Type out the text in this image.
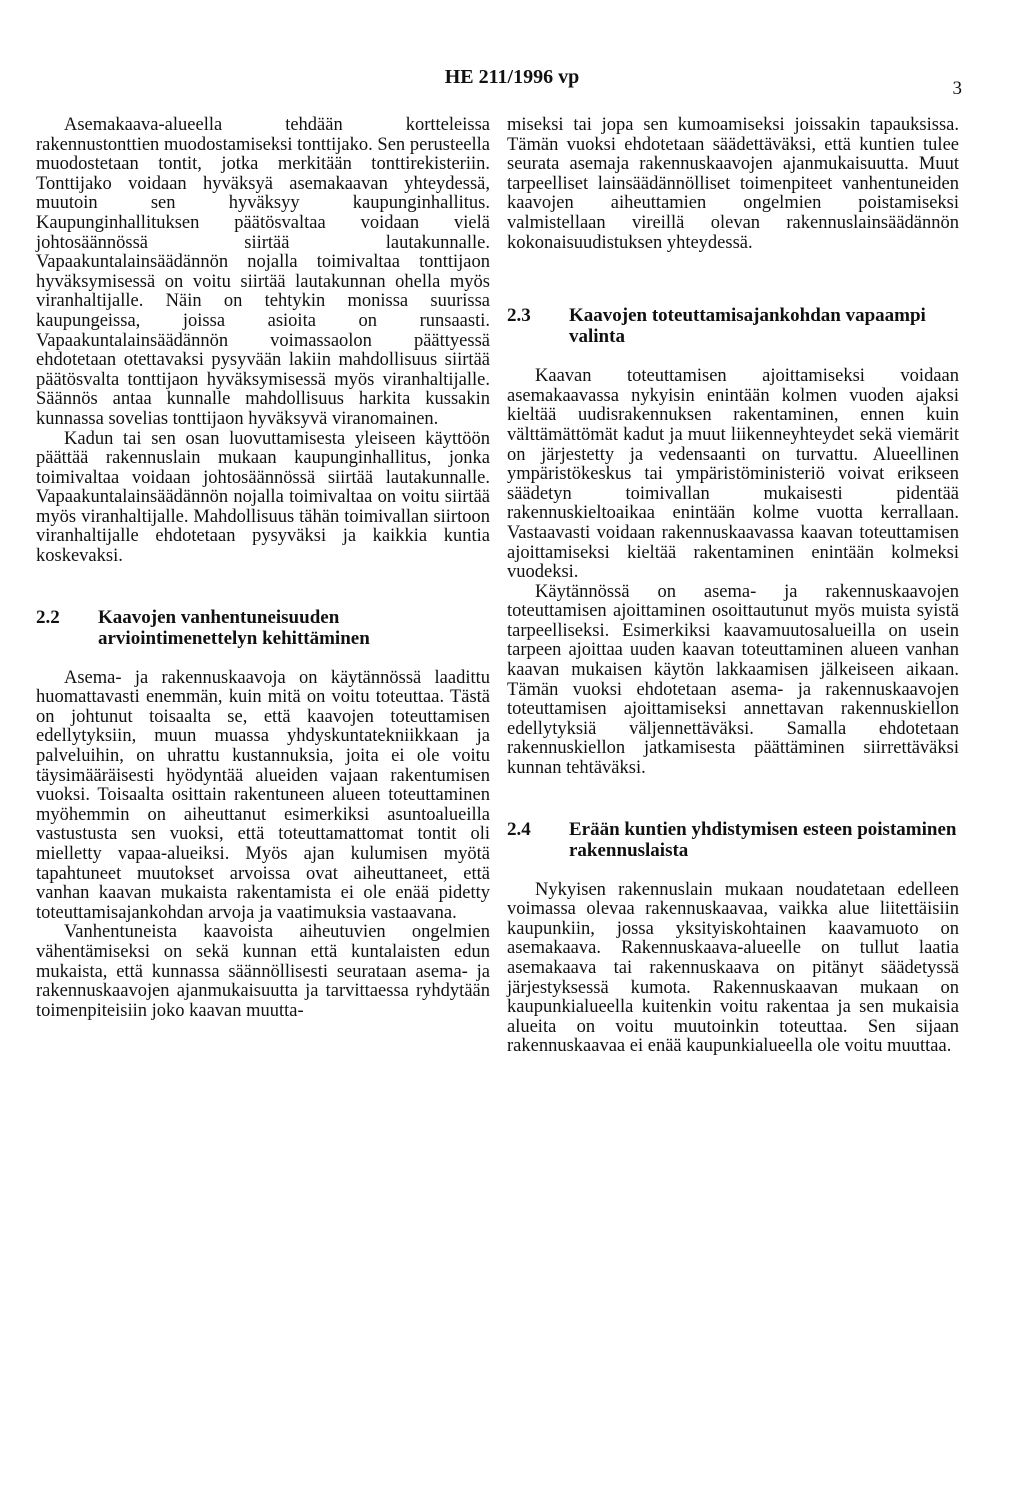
HE 211/1996 vp
3

Asemakaava-alueella tehdään kortteleissa rakennustonttien muodostamiseksi tonttijako. Sen perusteella muodostetaan tontit, jotka merkitään tonttirekisteriin. Tonttijako voidaan hyväksyä asemakaavan yhteydessä, muutoin sen hyväksyy kaupunginhallitus. Kaupunginhallituksen päätösvaltaa voidaan vielä johtosäännössä siirtää lautakunnalle. Vapaakuntalainsäädännön nojalla toimivaltaa tonttijaon hyväksymisessä on voitu siirtää lautakunnan ohella myös viranhaltijalle. Näin on tehtykin monissa suurissa kaupungeissa, joissa asioita on runsaasti. Vapaakuntalainsäädännön voimassaolon päättyessä ehdotetaan otettavaksi pysyvään lakiin mahdollisuus siirtää päätösvalta tonttijaon hyväksymisessä myös viranhaltijalle. Säännös antaa kunnalle mahdollisuus harkita kussakin kunnassa sovelias tonttijaon hyväksyvä viranomainen.

Kadun tai sen osan luovuttamisesta yleiseen käyttöön päättää rakennuslain mukaan kaupunginhallitus, jonka toimivaltaa voidaan johtosäännössä siirtää lautakunnalle. Vapaakuntalainsäädännön nojalla toimivaltaa on voitu siirtää myös viranhaltijalle. Mahdollisuus tähän toimivallan siirtoon viranhaltijalle ehdotetaan pysyväksi ja kaikkia kuntia koskevaksi.

2.2	Kaavojen vanhentuneisuuden arviointimenettelyn kehittäminen

Asema- ja rakennuskaavoja on käytännössä laadittu huomattavasti enemmän, kuin mitä on voitu toteuttaa. Tästä on johtunut toisaalta se, että kaavojen toteuttamisen edellytyksiin, muun muassa yhdyskuntatekniikkaan ja palveluihin, on uhrattu kustannuksia, joita ei ole voitu täysimääräisesti hyödyntää alueiden vajaan rakentumisen vuoksi. Toisaalta osittain rakentuneen alueen toteuttaminen myöhemmin on aiheuttanut esimerkiksi asuntoalueilla vastustusta sen vuoksi, että toteuttamattomat tontit oli mielletty vapaa-alueiksi. Myös ajan kulumisen myötä tapahtuneet muutokset arvoissa ovat aiheuttaneet, että vanhan kaavan mukaista rakentamista ei ole enää pidetty toteuttamisajankohdan arvoja ja vaatimuksia vastaavana.

Vanhentuneista kaavoista aiheutuvien ongelmien vähentämiseksi on sekä kunnan että kuntalaisten edun mukaista, että kunnassa säännöllisesti seurataan asema- ja rakennuskaavojen ajanmukaisuutta ja tarvittaessa ryhdytään toimenpiteisiin joko kaavan muutta-

miseksi tai jopa sen kumoamiseksi joissakin tapauksissa. Tämän vuoksi ehdotetaan säädettäväksi, että kuntien tulee seurata asemaja rakennuskaavojen ajanmukaisuutta. Muut tarpeelliset lainsäädännölliset toimenpiteet vanhentuneiden kaavojen aiheuttamien ongelmien poistamiseksi valmistellaan vireillä olevan rakennuslainsäädännön kokonaisuudistuksen yhteydessä.

2.3	Kaavojen toteuttamisajankohdan vapaampi valinta

Kaavan toteuttamisen ajoittamiseksi voidaan asemakaavassa nykyisin enintään kolmen vuoden ajaksi kieltää uudisrakennuksen rakentaminen, ennen kuin välttämättömät kadut ja muut liikenneyhteydet sekä viemärit on järjestetty ja vedensaanti on turvattu. Alueellinen ympäristökeskus tai ympäristöministeriö voivat erikseen säädetyn toimivallan mukaisesti pidentää rakennuskieltoaikaa enintään kolme vuotta kerrallaan. Vastaavasti voidaan rakennuskaavassa kaavan toteuttamisen ajoittamiseksi kieltää rakentaminen enintään kolmeksi vuodeksi.

Käytännössä on asema- ja rakennuskaavojen toteuttamisen ajoittaminen osoittautunut myös muista syistä tarpeelliseksi. Esimerkiksi kaavamuutosalueilla on usein tarpeen ajoittaa uuden kaavan toteuttaminen alueen vanhan kaavan mukaisen käytön lakkaamisen jälkeiseen aikaan. Tämän vuoksi ehdotetaan asema- ja rakennuskaavojen toteuttamisen ajoittamiseksi annettavan rakennuskiellon edellytyksiä väljennettäväksi. Samalla ehdotetaan rakennuskiellon jatkamisesta päättäminen siirrettäväksi kunnan tehtäväksi.

2.4	Erään kuntien yhdistymisen esteen poistaminen rakennuslaista

Nykyisen rakennuslain mukaan noudatetaan edelleen voimassa olevaa rakennuskaavaa, vaikka alue liitettäisiin kaupunkiin, jossa yksityiskohtainen kaavamuoto on asemakaava. Rakennuskaava-alueelle on tullut laatia asemakaava tai rakennuskaava on pitänyt säädetyssä järjestyksessä kumota. Rakennuskaavan mukaan on kaupunkialueella kuitenkin voitu rakentaa ja sen mukaisia alueita on voitu muutoinkin toteuttaa. Sen sijaan rakennuskaavaa ei enää kaupunkialueella ole voitu muuttaa.
